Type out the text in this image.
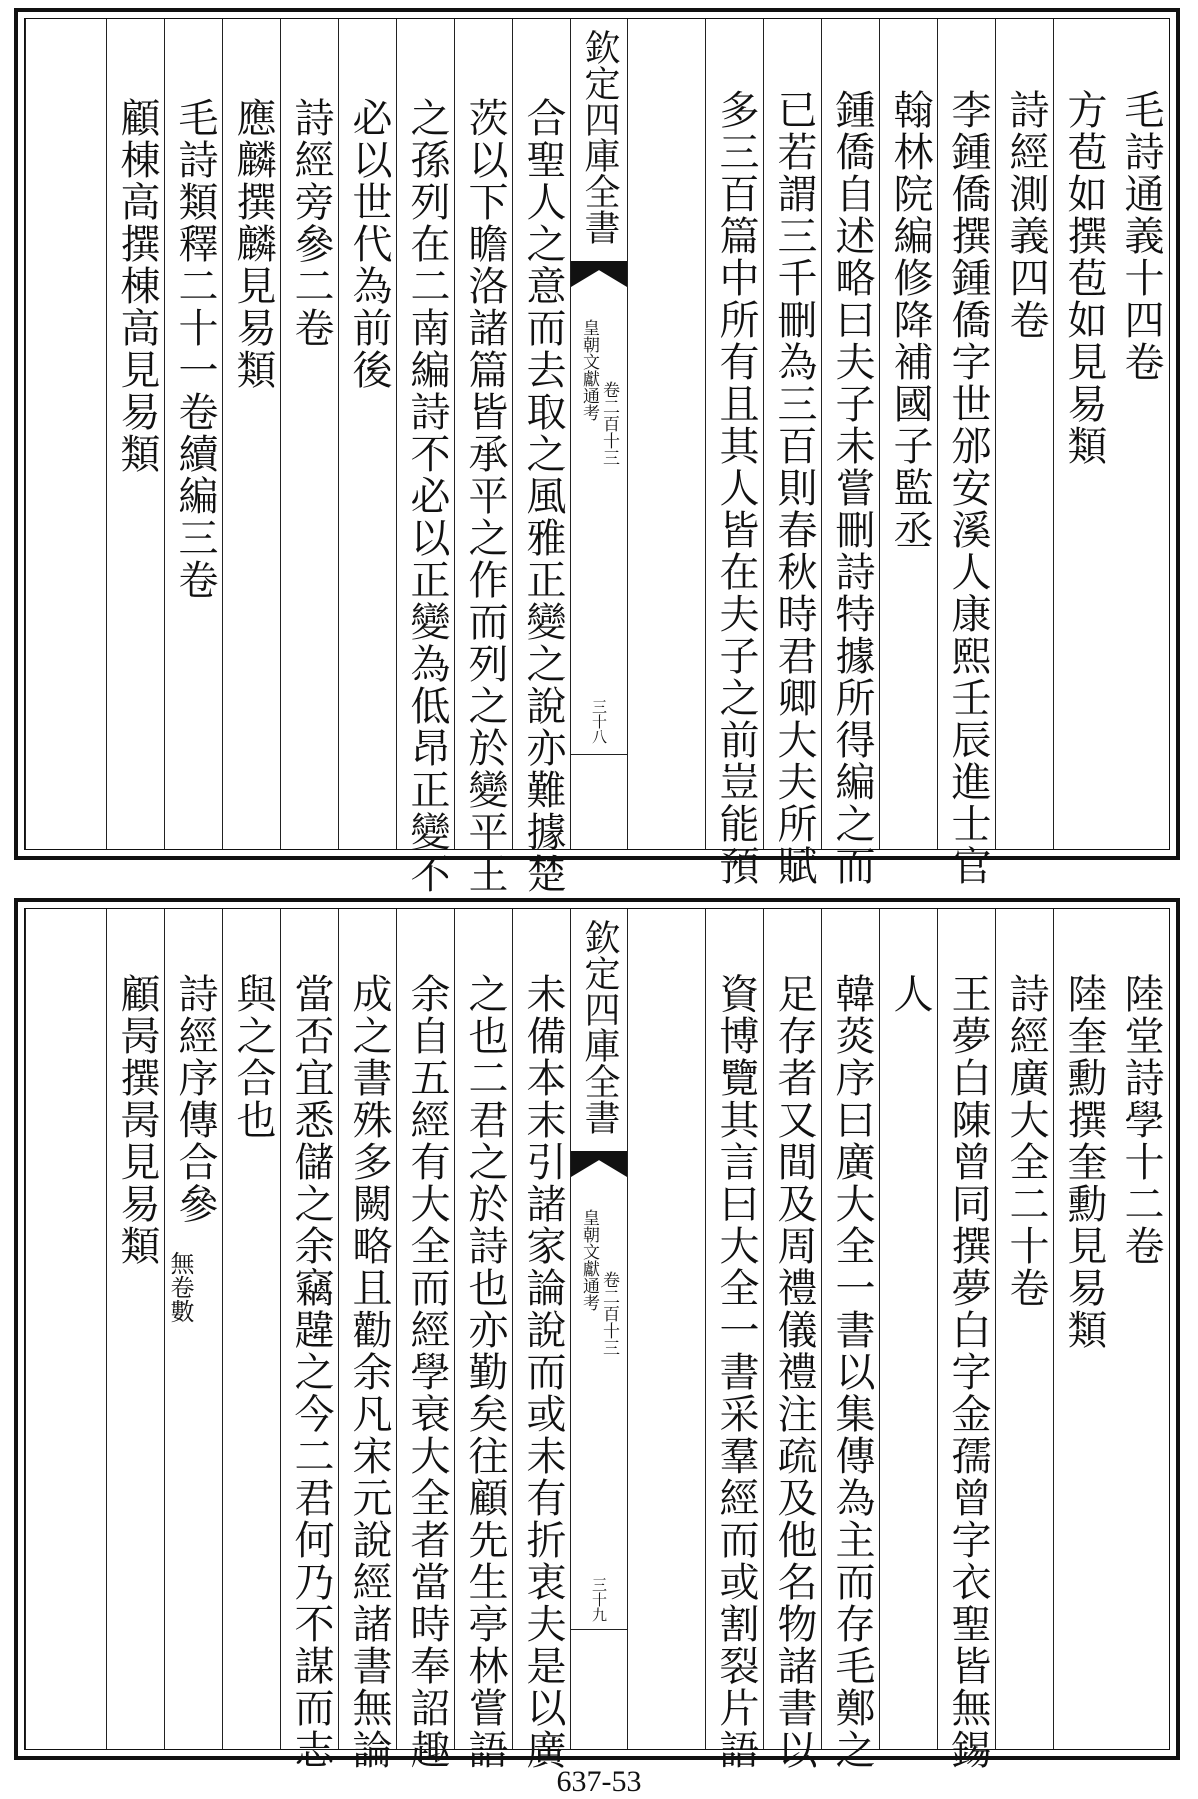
毛詩通義十四卷
方苞如撰苞如見易類
詩經測義四卷
李鍾僑撰鍾僑字世邠安溪人康熙壬辰進士官
翰林院編修降補國子監丞
鍾僑自述略曰夫子未嘗刪詩特據所得編之而
已若謂三千刪為三百則春秋時君卿大夫所賦
多三百篇中所有且其人皆在夫子之前豈能預
欽定四庫全書
皇朝文獻通考
卷二百十三
三十八
合聖人之意而去取之風雅正變之說亦難據楚
茨以下瞻洛諸篇皆承平之作而列之於變平王
之孫列在二南編詩不必以正變為低昂正變不
必以世代為前後
詩經旁參二卷
應麟撰麟見易類
毛詩類釋二十一卷續編三卷
顧棟高撰棟高見易類
陸堂詩學十二卷
陸奎勳撰奎勳見易類
詩經廣大全二十卷
王夢白陳曾同撰夢白字金孺曾字衣聖皆無錫
人
韓菼序曰廣大全一書以集傳為主而存毛鄭之
足存者又間及周禮儀禮注疏及他名物諸書以
資博覽其言曰大全一書采羣經而或割裂片語
欽定四庫全書
皇朝文獻通考
卷二百十三
三十九
未備本末引諸家論說而或未有折衷夫是以廣
之也二君之於詩也亦勤矣往顧先生亭林嘗語
余自五經有大全而經學衰大全者當時奉詔趣
成之書殊多闕略且勸余凡宋元說經諸書無論
當否宜悉儲之余竊韙之今二君何乃不謀而志
與之合也
詩經序傳合參
無卷數
顧昺撰昺見易類
637-53
